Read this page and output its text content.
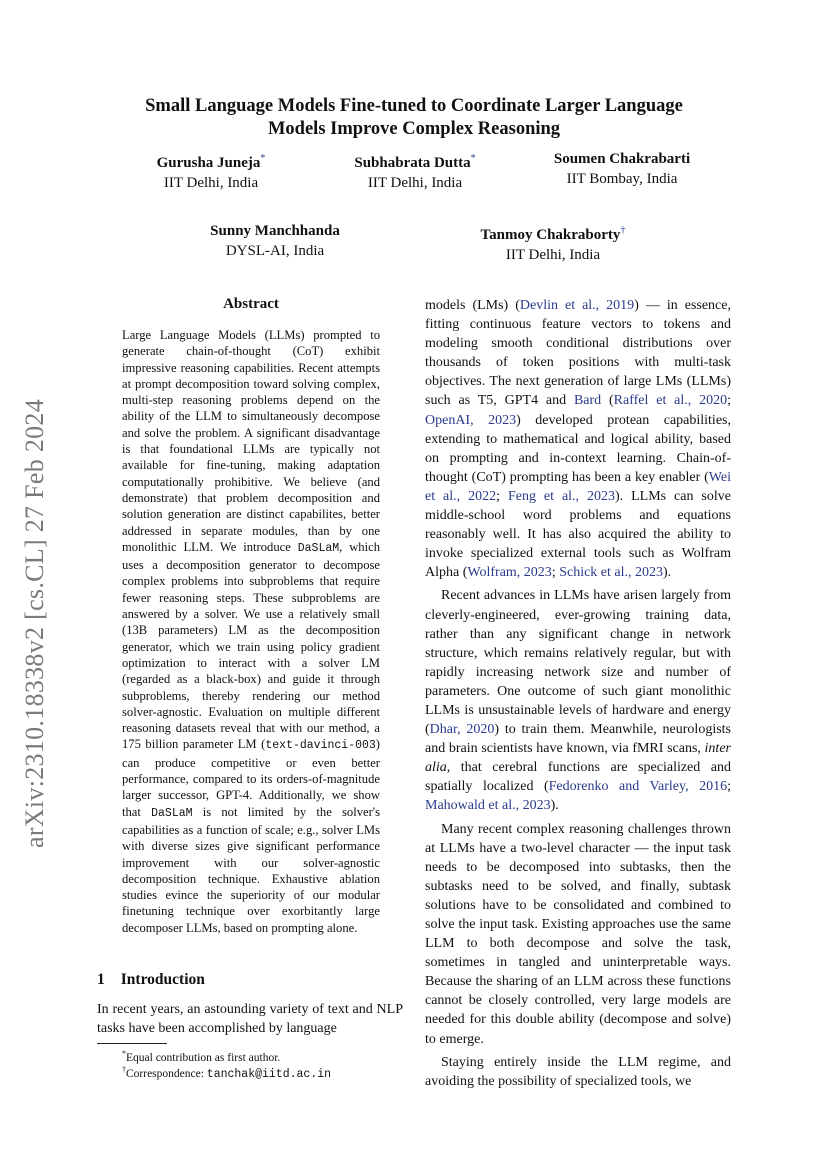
Small Language Models Fine-tuned to Coordinate Larger Language
Models Improve Complex Reasoning
Gurusha Juneja*
IIT Delhi, India
Subhabrata Dutta*
IIT Delhi, India
Soumen Chakrabarti
IIT Bombay, India
Sunny Manchhanda
DYSL-AI, India
Tanmoy Chakraborty†
IIT Delhi, India
arXiv:2310.18338v2 [cs.CL] 27 Feb 2024
Abstract
Large Language Models (LLMs) prompted to generate chain-of-thought (CoT) exhibit impressive reasoning capabilities. Recent attempts at prompt decomposition toward solving complex, multi-step reasoning problems depend on the ability of the LLM to simultaneously decompose and solve the problem. A significant disadvantage is that foundational LLMs are typically not available for fine-tuning, making adaptation computationally prohibitive. We believe (and demonstrate) that problem decomposition and solution generation are distinct capabilites, better addressed in separate modules, than by one monolithic LLM. We introduce DaSLaM, which uses a decomposition generator to decompose complex problems into subproblems that require fewer reasoning steps. These subproblems are answered by a solver. We use a relatively small (13B parameters) LM as the decomposition generator, which we train using policy gradient optimization to interact with a solver LM (regarded as a black-box) and guide it through subproblems, thereby rendering our method solver-agnostic. Evaluation on multiple different reasoning datasets reveal that with our method, a 175 billion parameter LM (text-davinci-003) can produce competitive or even better performance, compared to its orders-of-magnitude larger successor, GPT-4. Additionally, we show that DaSLaM is not limited by the solver's capabilities as a function of scale; e.g., solver LMs with diverse sizes give significant performance improvement with our solver-agnostic decomposition technique. Exhaustive ablation studies evince the superiority of our modular finetuning technique over exorbitantly large decomposer LLMs, based on prompting alone.
1 Introduction
In recent years, an astounding variety of text and NLP tasks have been accomplished by language
*Equal contribution as first author.
†Correspondence: tanchak@iitd.ac.in

models (LMs) (Devlin et al., 2019) — in essence, fitting continuous feature vectors to tokens and modeling smooth conditional distributions over thousands of token positions with multi-task objectives. The next generation of large LMs (LLMs) such as T5, GPT4 and Bard (Raffel et al., 2020; OpenAI, 2023) developed protean capabilities, extending to mathematical and logical ability, based on prompting and in-context learning. Chain-of-thought (CoT) prompting has been a key enabler (Wei et al., 2022; Feng et al., 2023). LLMs can solve middle-school word problems and equations reasonably well. It has also acquired the ability to invoke specialized external tools such as Wolfram Alpha (Wolfram, 2023; Schick et al., 2023).

Recent advances in LLMs have arisen largely from cleverly-engineered, ever-growing training data, rather than any significant change in network structure, which remains relatively regular, but with rapidly increasing network size and number of parameters. One outcome of such giant monolithic LLMs is unsustainable levels of hardware and energy (Dhar, 2020) to train them. Meanwhile, neurologists and brain scientists have known, via fMRI scans, inter alia, that cerebral functions are specialized and spatially localized (Fedorenko and Varley, 2016; Mahowald et al., 2023).

Many recent complex reasoning challenges thrown at LLMs have a two-level character — the input task needs to be decomposed into subtasks, then the subtasks need to be solved, and finally, subtask solutions have to be consolidated and combined to solve the input task. Existing approaches use the same LLM to both decompose and solve the task, sometimes in tangled and uninterpretable ways. Because the sharing of an LLM across these functions cannot be closely controlled, very large models are needed for this double ability (decompose and solve) to emerge.

Staying entirely inside the LLM regime, and avoiding the possibility of specialized tools, we
